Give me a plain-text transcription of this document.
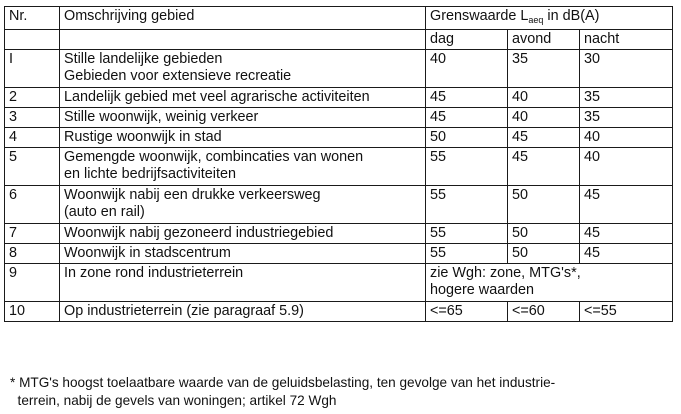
Nr.	Omschrijving gebied	Grenswaarde $L_{aeq}$ in dB(A)		
		dag	avond	nacht
I	Stille landelijke gebieden
Gebieden voor extensieve recreatie	40	35	30
2	Landelijk gebied met veel agrarische activiteiten	45	40	35
3	Stille woonwijk, weinig verkeer	45	40	35
4	Rustige woonwijk in stad	50	45	40
5	Gemengde woonwijk, combincaties van wonen
en lichte bedrijfsactiviteiten	55	45	40
6	Woonwijk nabij een drukke verkeersweg
(auto en rail)	55	50	45
7	Woonwijk nabij gezoneerd industriegebied	55	50	45
8	Woonwijk in stadscentrum	55	50	45
9	In zone rond industrieterrein	zie Wgh: zone, MTG's*,
hogere waarden		

10	Op industrieterrein (zie paragraaf 5.9)	<=65	<=60	<=55
* MTG's hoogst toelaatbare waarde van de geluidsbelasting, ten gevolge van het industrie-
terrein, nabij de gevels van woningen; artikel 72 Wgh
